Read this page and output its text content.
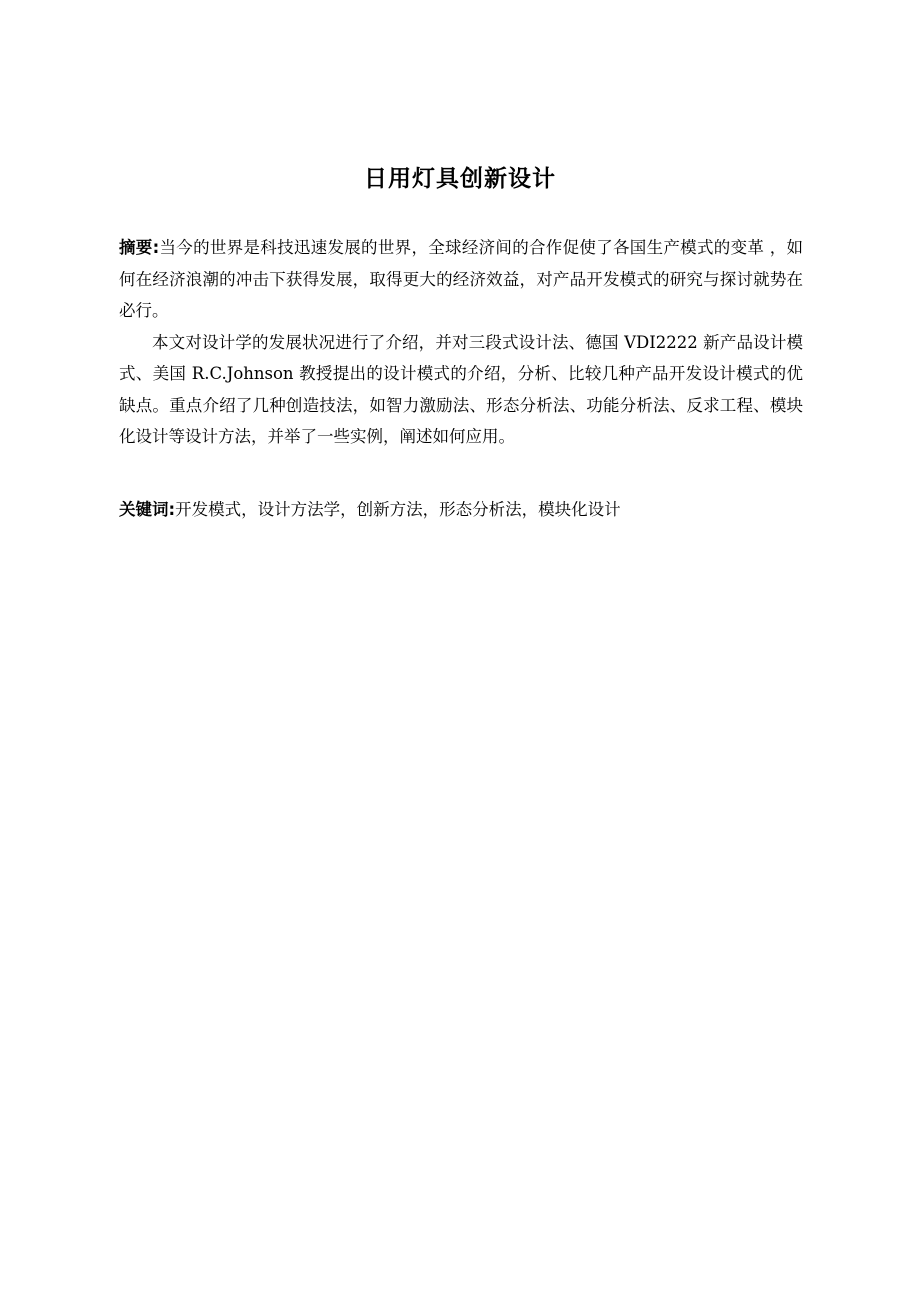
日用灯具创新设计

摘要:当今的世界是科技迅速发展的世界，全球经济间的合作促使了各国生产模式的变革 ，如何在经济浪潮的冲击下获得发展，取得更大的经济效益，对产品开发模式的研究与探讨就势在必行。

本文对设计学的发展状况进行了介绍，并对三段式设计法、德国 VDI2222 新产品设计模式、美国 R.C.Johnson 教授提出的设计模式的介绍，分析、比较几种产品开发设计模式的优缺点。重点介绍了几种创造技法，如智力激励法、形态分析法、功能分析法、反求工程、模块化设计等设计方法，并举了一些实例，阐述如何应用。

关键词:开发模式，设计方法学，创新方法，形态分析法，模块化设计
